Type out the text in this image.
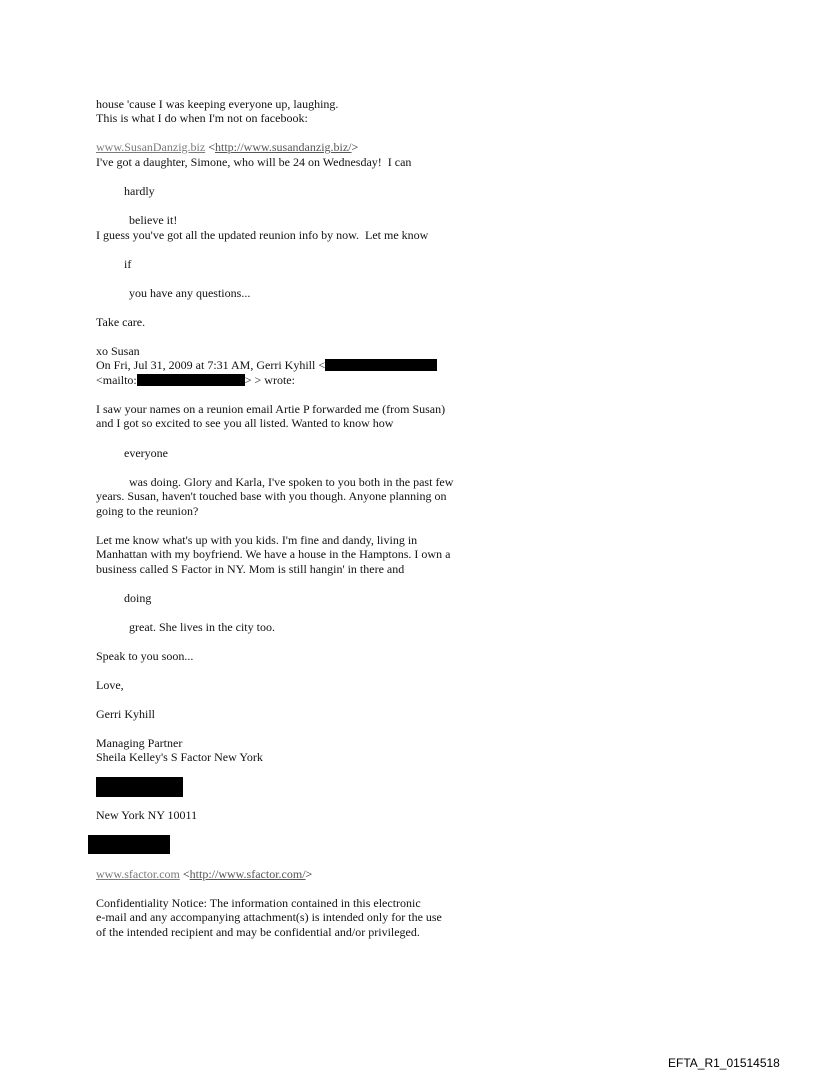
house 'cause I was keeping everyone up, laughing.
This is what I do when I'm not on facebook:
www.SusanDanzig.biz <http://www.susandanzig.biz/>
I've got a daughter, Simone, who will be 24 on Wednesday!  I can
hardly
believe it!
I guess you've got all the updated reunion info by now.  Let me know
if
you have any questions...
Take care.
xo Susan
On Fri, Jul 31, 2009 at 7:31 AM, Gerri Kyhill <
<mailto:	> > wrote:
I saw your names on a reunion email Artie P forwarded me (from Susan)
and I got so excited to see you all listed. Wanted to know how
everyone
was doing. Glory and Karla, I've spoken to you both in the past few
years. Susan, haven't touched base with you though. Anyone planning on
going to the reunion?
Let me know what's up with you kids. I'm fine and dandy, living in
Manhattan with my boyfriend. We have a house in the Hamptons. I own a
business called S Factor in NY. Mom is still hangin' in there and
doing
great. She lives in the city too.
Speak to you soon...
Love,
Gerri Kyhill
Managing Partner
Sheila Kelley's S Factor New York
New York NY 10011
www.sfactor.com <http://www.sfactor.com/>
Confidentiality Notice: The information contained in this electronic
e-mail and any accompanying attachment(s) is intended only for the use
of the intended recipient and may be confidential and/or privileged.
EFTA_R1_01514518
